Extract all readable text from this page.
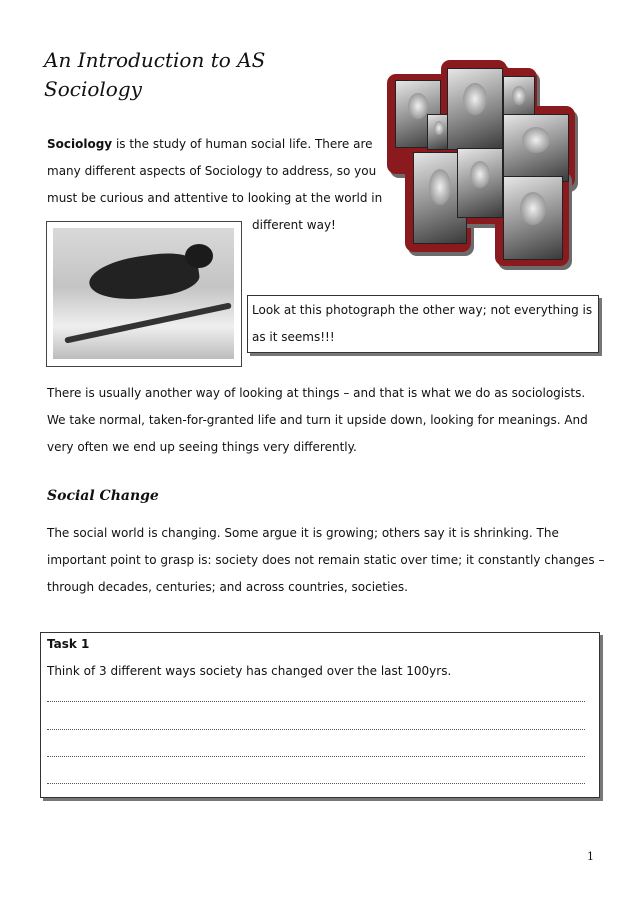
An Introduction to AS Sociology
Sociology is the study of human social life. There are many different aspects of Sociology to address, so you must be curious and attentive to looking at the world in
different way!
Look at this photograph the other way; not everything is as it seems!!!
There is usually another way of looking at things – and that is what we do as sociologists. We take normal, taken-for-granted life and turn it upside down, looking for meanings. And very often we end up seeing things very differently.
Social Change
The social world is changing. Some argue it is growing; others say it is shrinking. The important point to grasp is: society does not remain static over time; it constantly changes – through decades, centuries; and across countries, societies.
Task 1
Think of 3 different ways society has changed over the last 100yrs.
1
